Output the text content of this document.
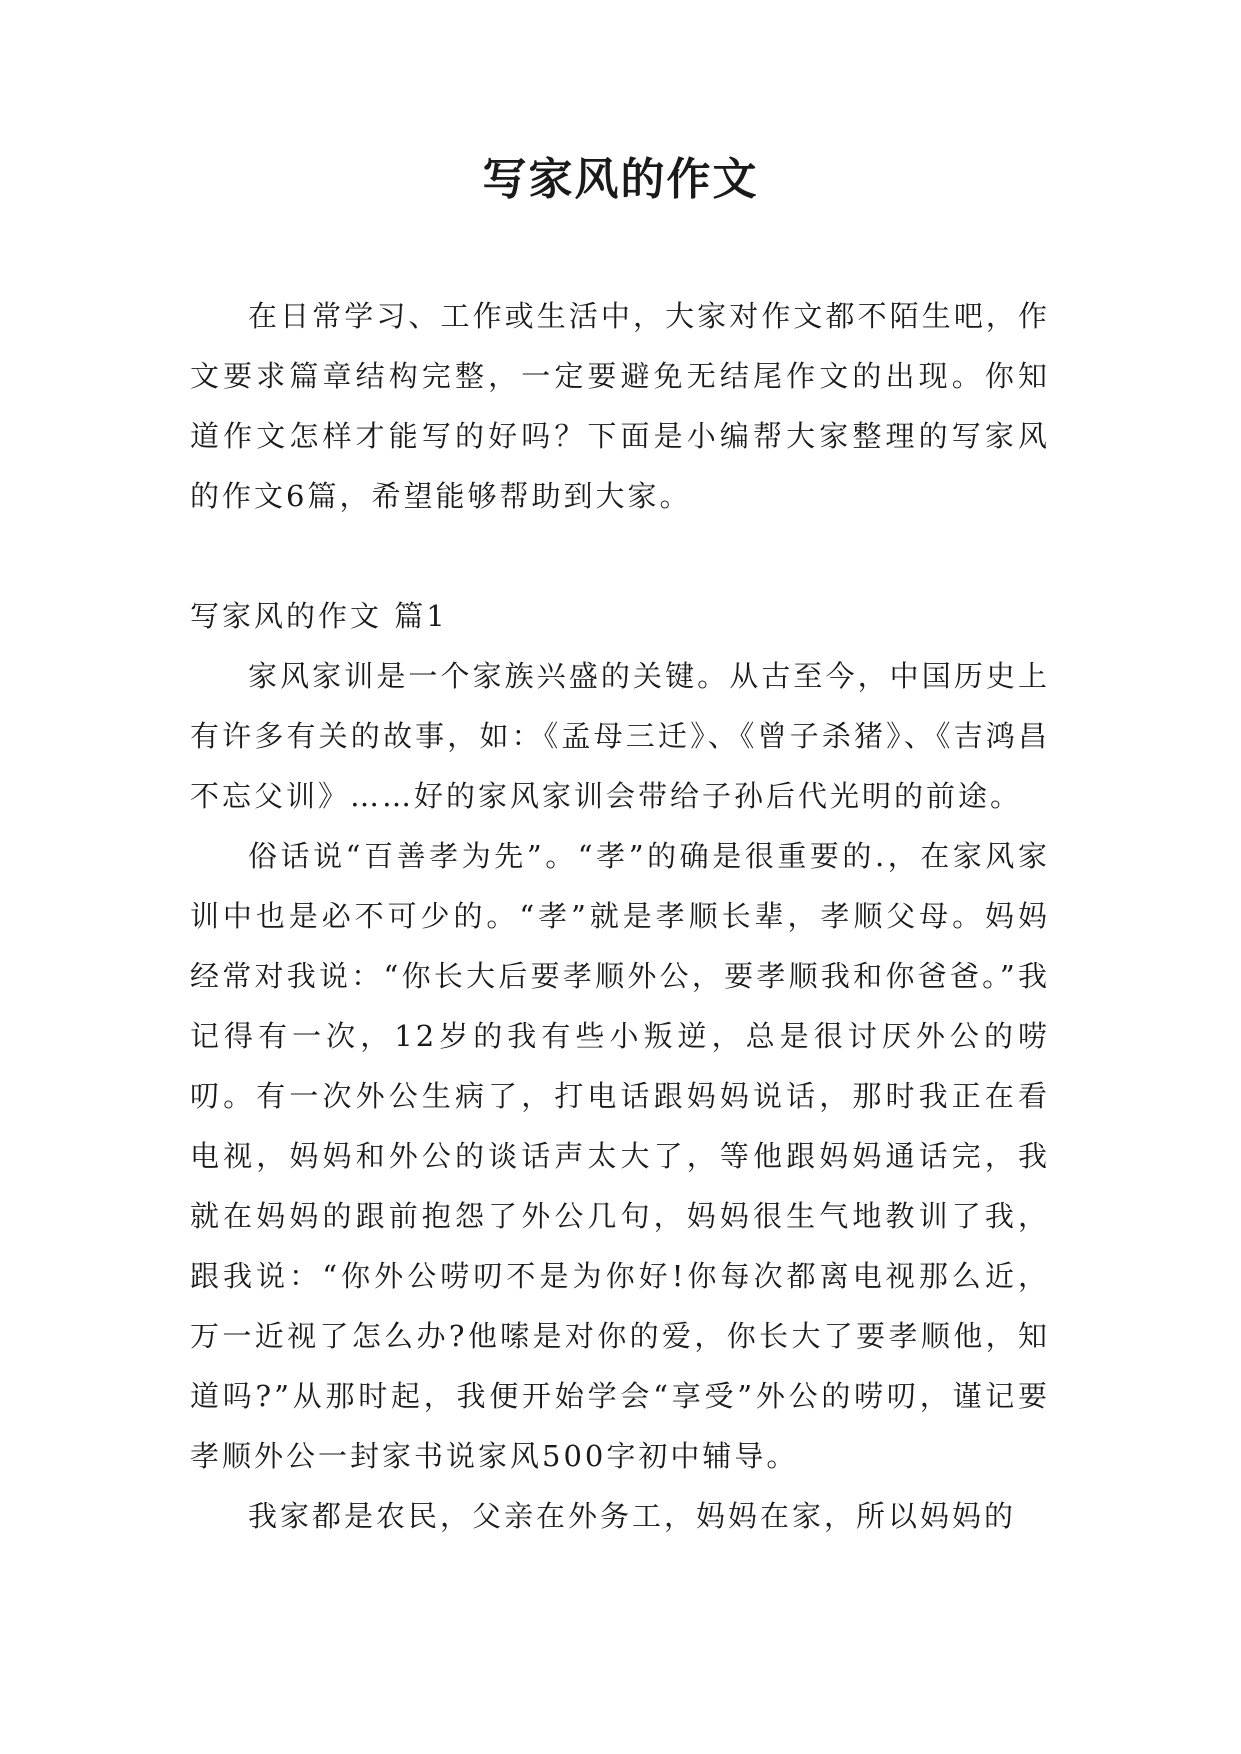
写家风的作文

在日常学习、工作或生活中，大家对作文都不陌生吧，作文要求篇章结构完整，一定要避免无结尾作文的出现。你知道作文怎样才能写的好吗？下面是小编帮大家整理的写家风的作文6篇，希望能够帮助到大家。

写家风的作文 篇1

家风家训是一个家族兴盛的关键。从古至今，中国历史上有许多有关的故事，如：《孟母三迁》、《曾子杀猪》、《吉鸿昌不忘父训》……好的家风家训会带给子孙后代光明的前途。

俗话说“百善孝为先”。“孝”的确是很重要的.，在家风家训中也是必不可少的。“孝”就是孝顺长辈，孝顺父母。妈妈经常对我说：“你长大后要孝顺外公，要孝顺我和你爸爸。”我记得有一次，12岁的我有些小叛逆，总是很讨厌外公的唠叨。有一次外公生病了，打电话跟妈妈说话，那时我正在看电视，妈妈和外公的谈话声太大了，等他跟妈妈通话完，我就在妈妈的跟前抱怨了外公几句，妈妈很生气地教训了我，跟我说：“你外公唠叨不是为你好!你每次都离电视那么近，万一近视了怎么办?他嗦是对你的爱，你长大了要孝顺他，知道吗?”从那时起，我便开始学会“享受”外公的唠叨，谨记要孝顺外公一封家书说家风500字初中辅导。

我家都是农民，父亲在外务工，妈妈在家，所以妈妈的
